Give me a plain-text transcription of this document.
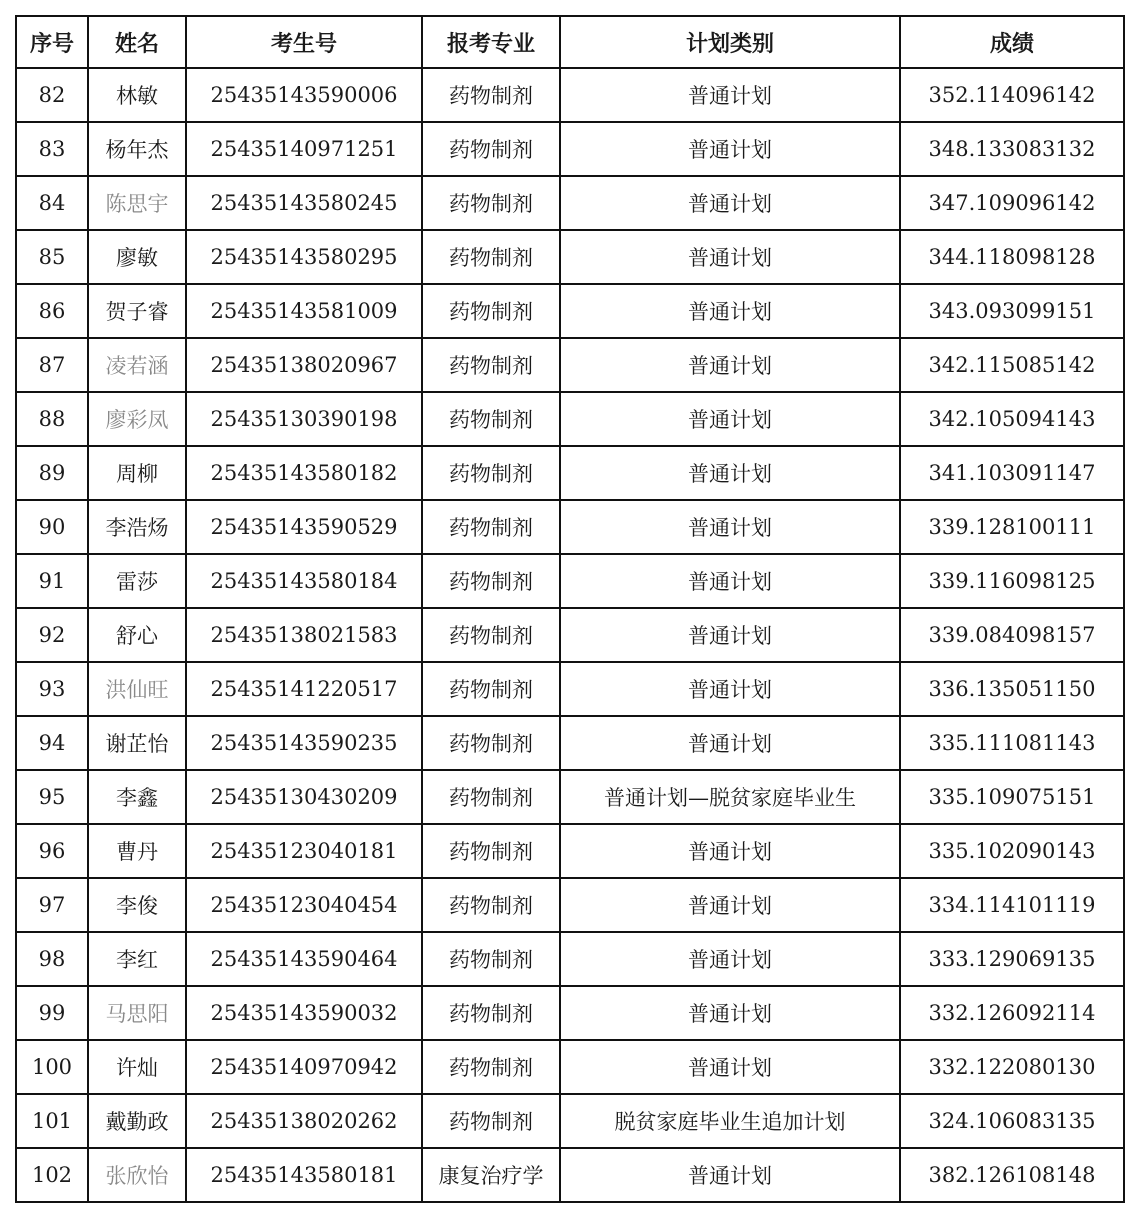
序号	姓名	考生号	报考专业	计划类别	成绩
82	林敏	25435143590006	药物制剂	普通计划	352.114096142
83	杨年杰	25435140971251	药物制剂	普通计划	348.133083132
84	陈思宇	25435143580245	药物制剂	普通计划	347.109096142
85	廖敏	25435143580295	药物制剂	普通计划	344.118098128
86	贺子睿	25435143581009	药物制剂	普通计划	343.093099151
87	凌若涵	25435138020967	药物制剂	普通计划	342.115085142
88	廖彩凤	25435130390198	药物制剂	普通计划	342.105094143
89	周柳	25435143580182	药物制剂	普通计划	341.103091147
90	李浩炀	25435143590529	药物制剂	普通计划	339.128100111
91	雷莎	25435143580184	药物制剂	普通计划	339.116098125
92	舒心	25435138021583	药物制剂	普通计划	339.084098157
93	洪仙旺	25435141220517	药物制剂	普通计划	336.135051150
94	谢芷怡	25435143590235	药物制剂	普通计划	335.111081143
95	李鑫	25435130430209	药物制剂	普通计划—脱贫家庭毕业生	335.109075151
96	曹丹	25435123040181	药物制剂	普通计划	335.102090143
97	李俊	25435123040454	药物制剂	普通计划	334.114101119
98	李红	25435143590464	药物制剂	普通计划	333.129069135
99	马思阳	25435143590032	药物制剂	普通计划	332.126092114
100	许灿	25435140970942	药物制剂	普通计划	332.122080130
101	戴勤政	25435138020262	药物制剂	脱贫家庭毕业生追加计划	324.106083135
102	张欣怡	25435143580181	康复治疗学	普通计划	382.126108148
